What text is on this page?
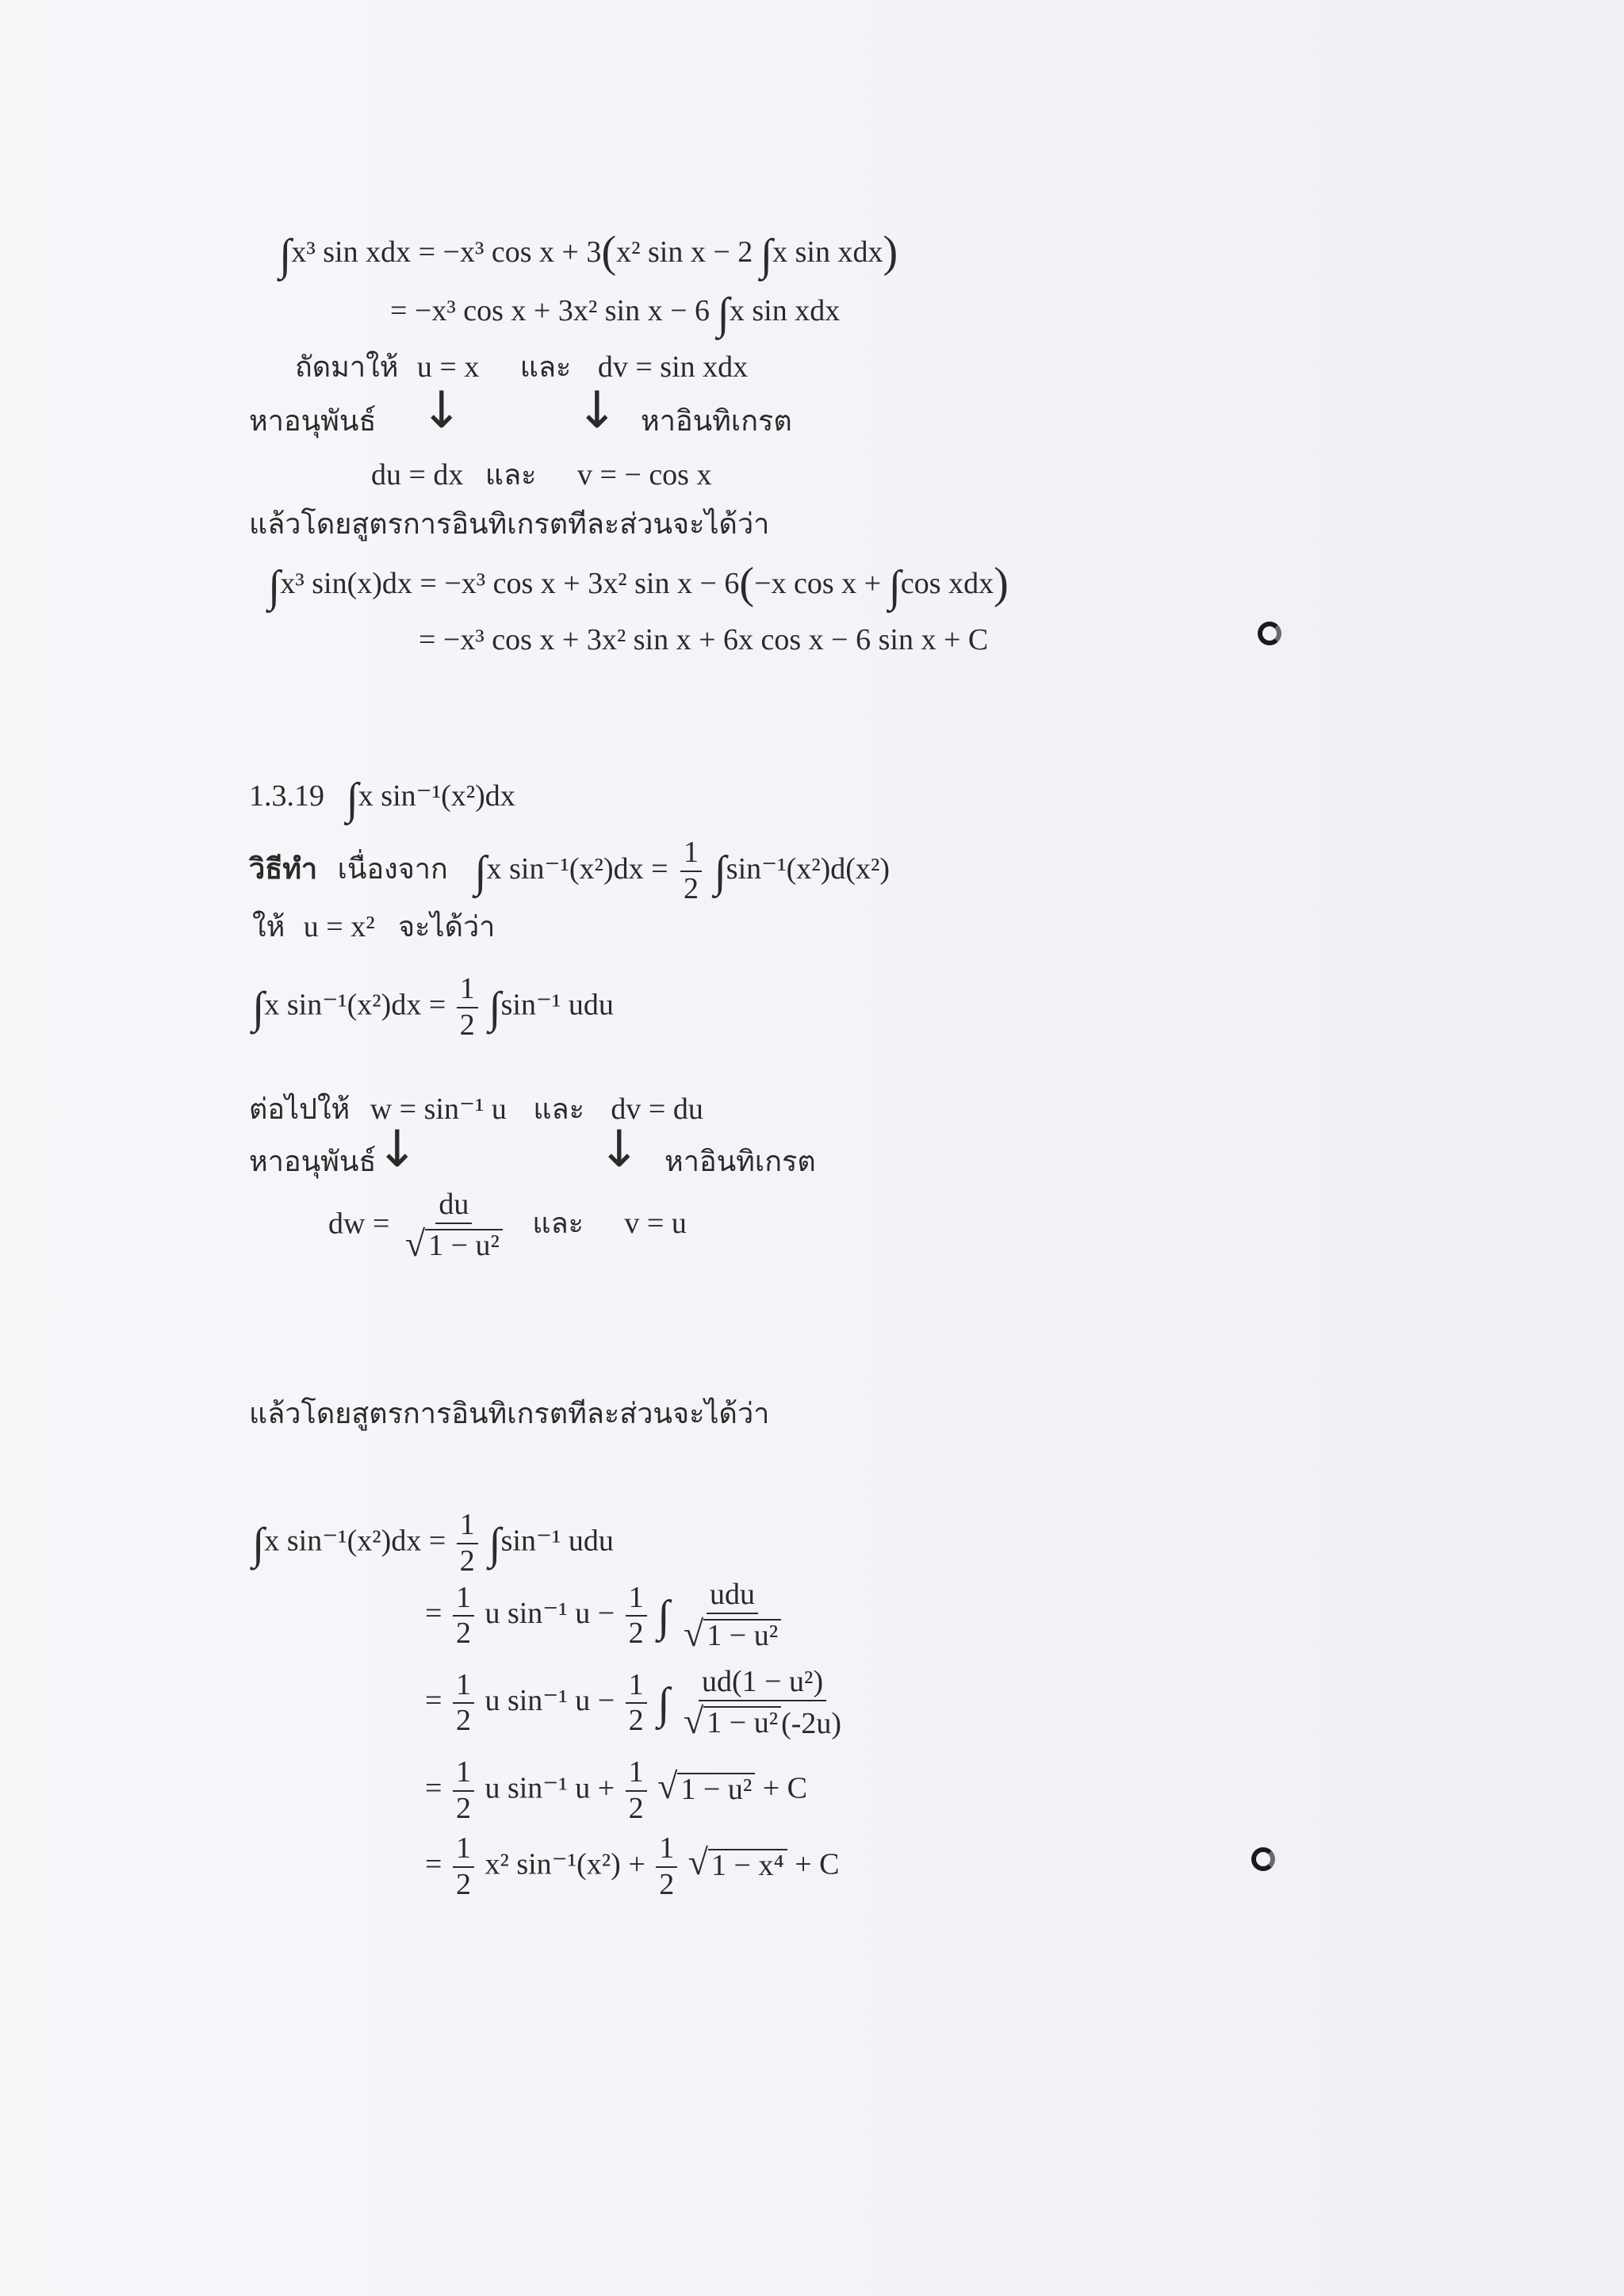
∫x³ sin xdx = −x³ cos x + 3(x² sin x − 2 ∫x sin xdx)
= −x³ cos x + 3x² sin x − 6 ∫x sin xdx
ถัดมาให้ u = x และ dv = sin xdx
หาอนุพันธ์ ↓ ↓ หาอินทิเกรต
du = dx และ v = − cos x
แล้วโดยสูตรการอินทิเกรตทีละส่วนจะได้ว่า
∫x³ sin(x)dx = −x³ cos x + 3x² sin x − 6(−x cos x + ∫cos xdx)
= −x³ cos x + 3x² sin x + 6x cos x − 6 sin x + C
1.3.19 ∫x sin⁻¹(x²)dx
วิธีทำ เนื่องจาก ∫x $\sin^{-1}(x^2)dx = \frac{1}{2} \int\sin^{-1}(x^2)d(x^2)$
ให้ u = x² จะได้ว่า
∫x $\sin^{-1}(x^2)dx = \frac{1}{2} \int\sin^{-1}$ udu
ต่อไปให้ w = sin⁻¹ u และ dv = du
หาอนุพันธ์ ↓	↓ หาอินทิเกรต
dw = $\frac{du}{\text{√ 1 − u²}}$ และ v = u
แล้วโดยสูตรการอินทิเกรตทีละส่วนจะได้ว่า
∫x $\sin^{-1}(x^2)dx = \frac{1}{2} \int\sin^{-1}$ udu
= $\frac{1}{2}$ u sin⁻¹ $u - \frac{1}{2}$ ∫ $\frac{\text{udu}}{\text{√ 1 − u²}}$
= $\frac{1}{2}$ u sin⁻¹ $u - \frac{1}{2}$ ∫ $\frac{\text{ud(1 − u²)}}{\text{√ 1 − u² (-2u)}}$
= $\frac{1}{2}$ u sin⁻¹ $u + \frac{1}{2}$
√ 1 − u² + C
= $\frac{1}{2} x^2$ $\sin^{-1}(x^2) + \frac{1}{2}$
√ 1 − x⁴ + C
